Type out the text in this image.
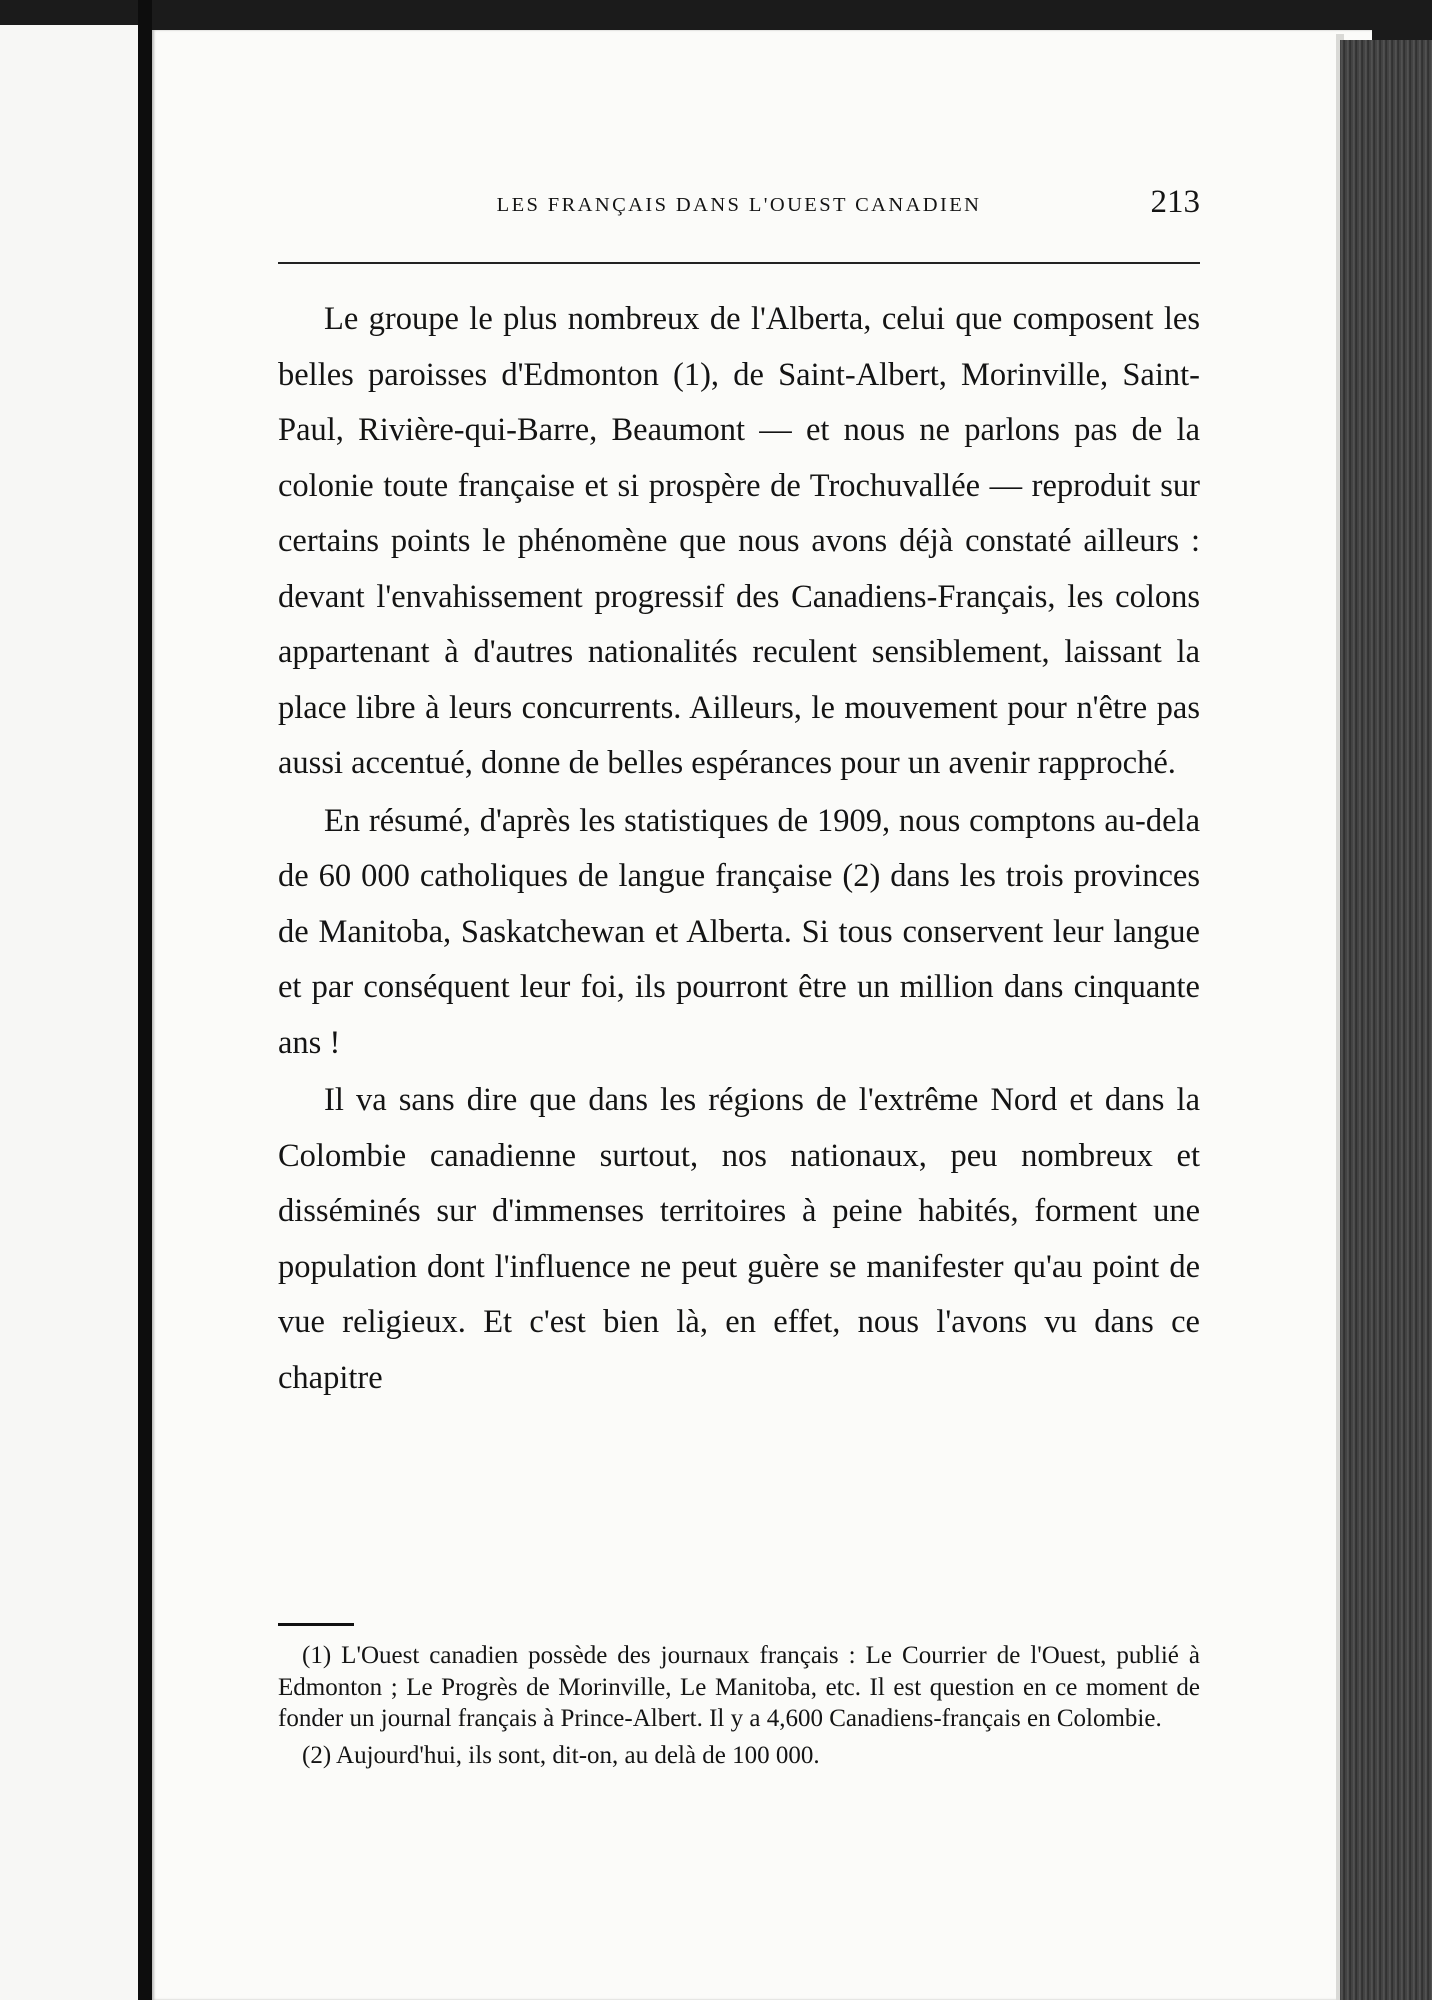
LES FRANÇAIS DANS L'OUEST CANADIEN	213

Le groupe le plus nombreux de l'Alberta, celui que composent les belles paroisses d'Edmonton (1), de Saint-Albert, Morinville, Saint-Paul, Rivière-qui-Barre, Beaumont — et nous ne parlons pas de la colonie toute française et si prospère de Trochuvallée — reproduit sur certains points le phénomène que nous avons déjà constaté ailleurs : devant l'envahissement progressif des Canadiens-Français, les colons appartenant à d'autres nationalités reculent sensiblement, laissant la place libre à leurs concurrents. Ailleurs, le mouvement pour n'être pas aussi accentué, donne de belles espérances pour un avenir rapproché.

En résumé, d'après les statistiques de 1909, nous comptons au-dela de 60 000 catholiques de langue française (2) dans les trois provinces de Manitoba, Saskatchewan et Alberta. Si tous conservent leur langue et par conséquent leur foi, ils pourront être un million dans cinquante ans !

Il va sans dire que dans les régions de l'extrême Nord et dans la Colombie canadienne surtout, nos nationaux, peu nombreux et disséminés sur d'immenses territoires à peine habités, forment une population dont l'influence ne peut guère se manifester qu'au point de vue religieux. Et c'est bien là, en effet, nous l'avons vu dans ce chapitre

(1) L'Ouest canadien possède des journaux français : Le Courrier de l'Ouest, publié à Edmonton ; Le Progrès de Morinville, Le Manitoba, etc. Il est question en ce moment de fonder un journal français à Prince-Albert. Il y a 4,600 Canadiens-français en Colombie.

(2) Aujourd'hui, ils sont, dit-on, au delà de 100 000.
